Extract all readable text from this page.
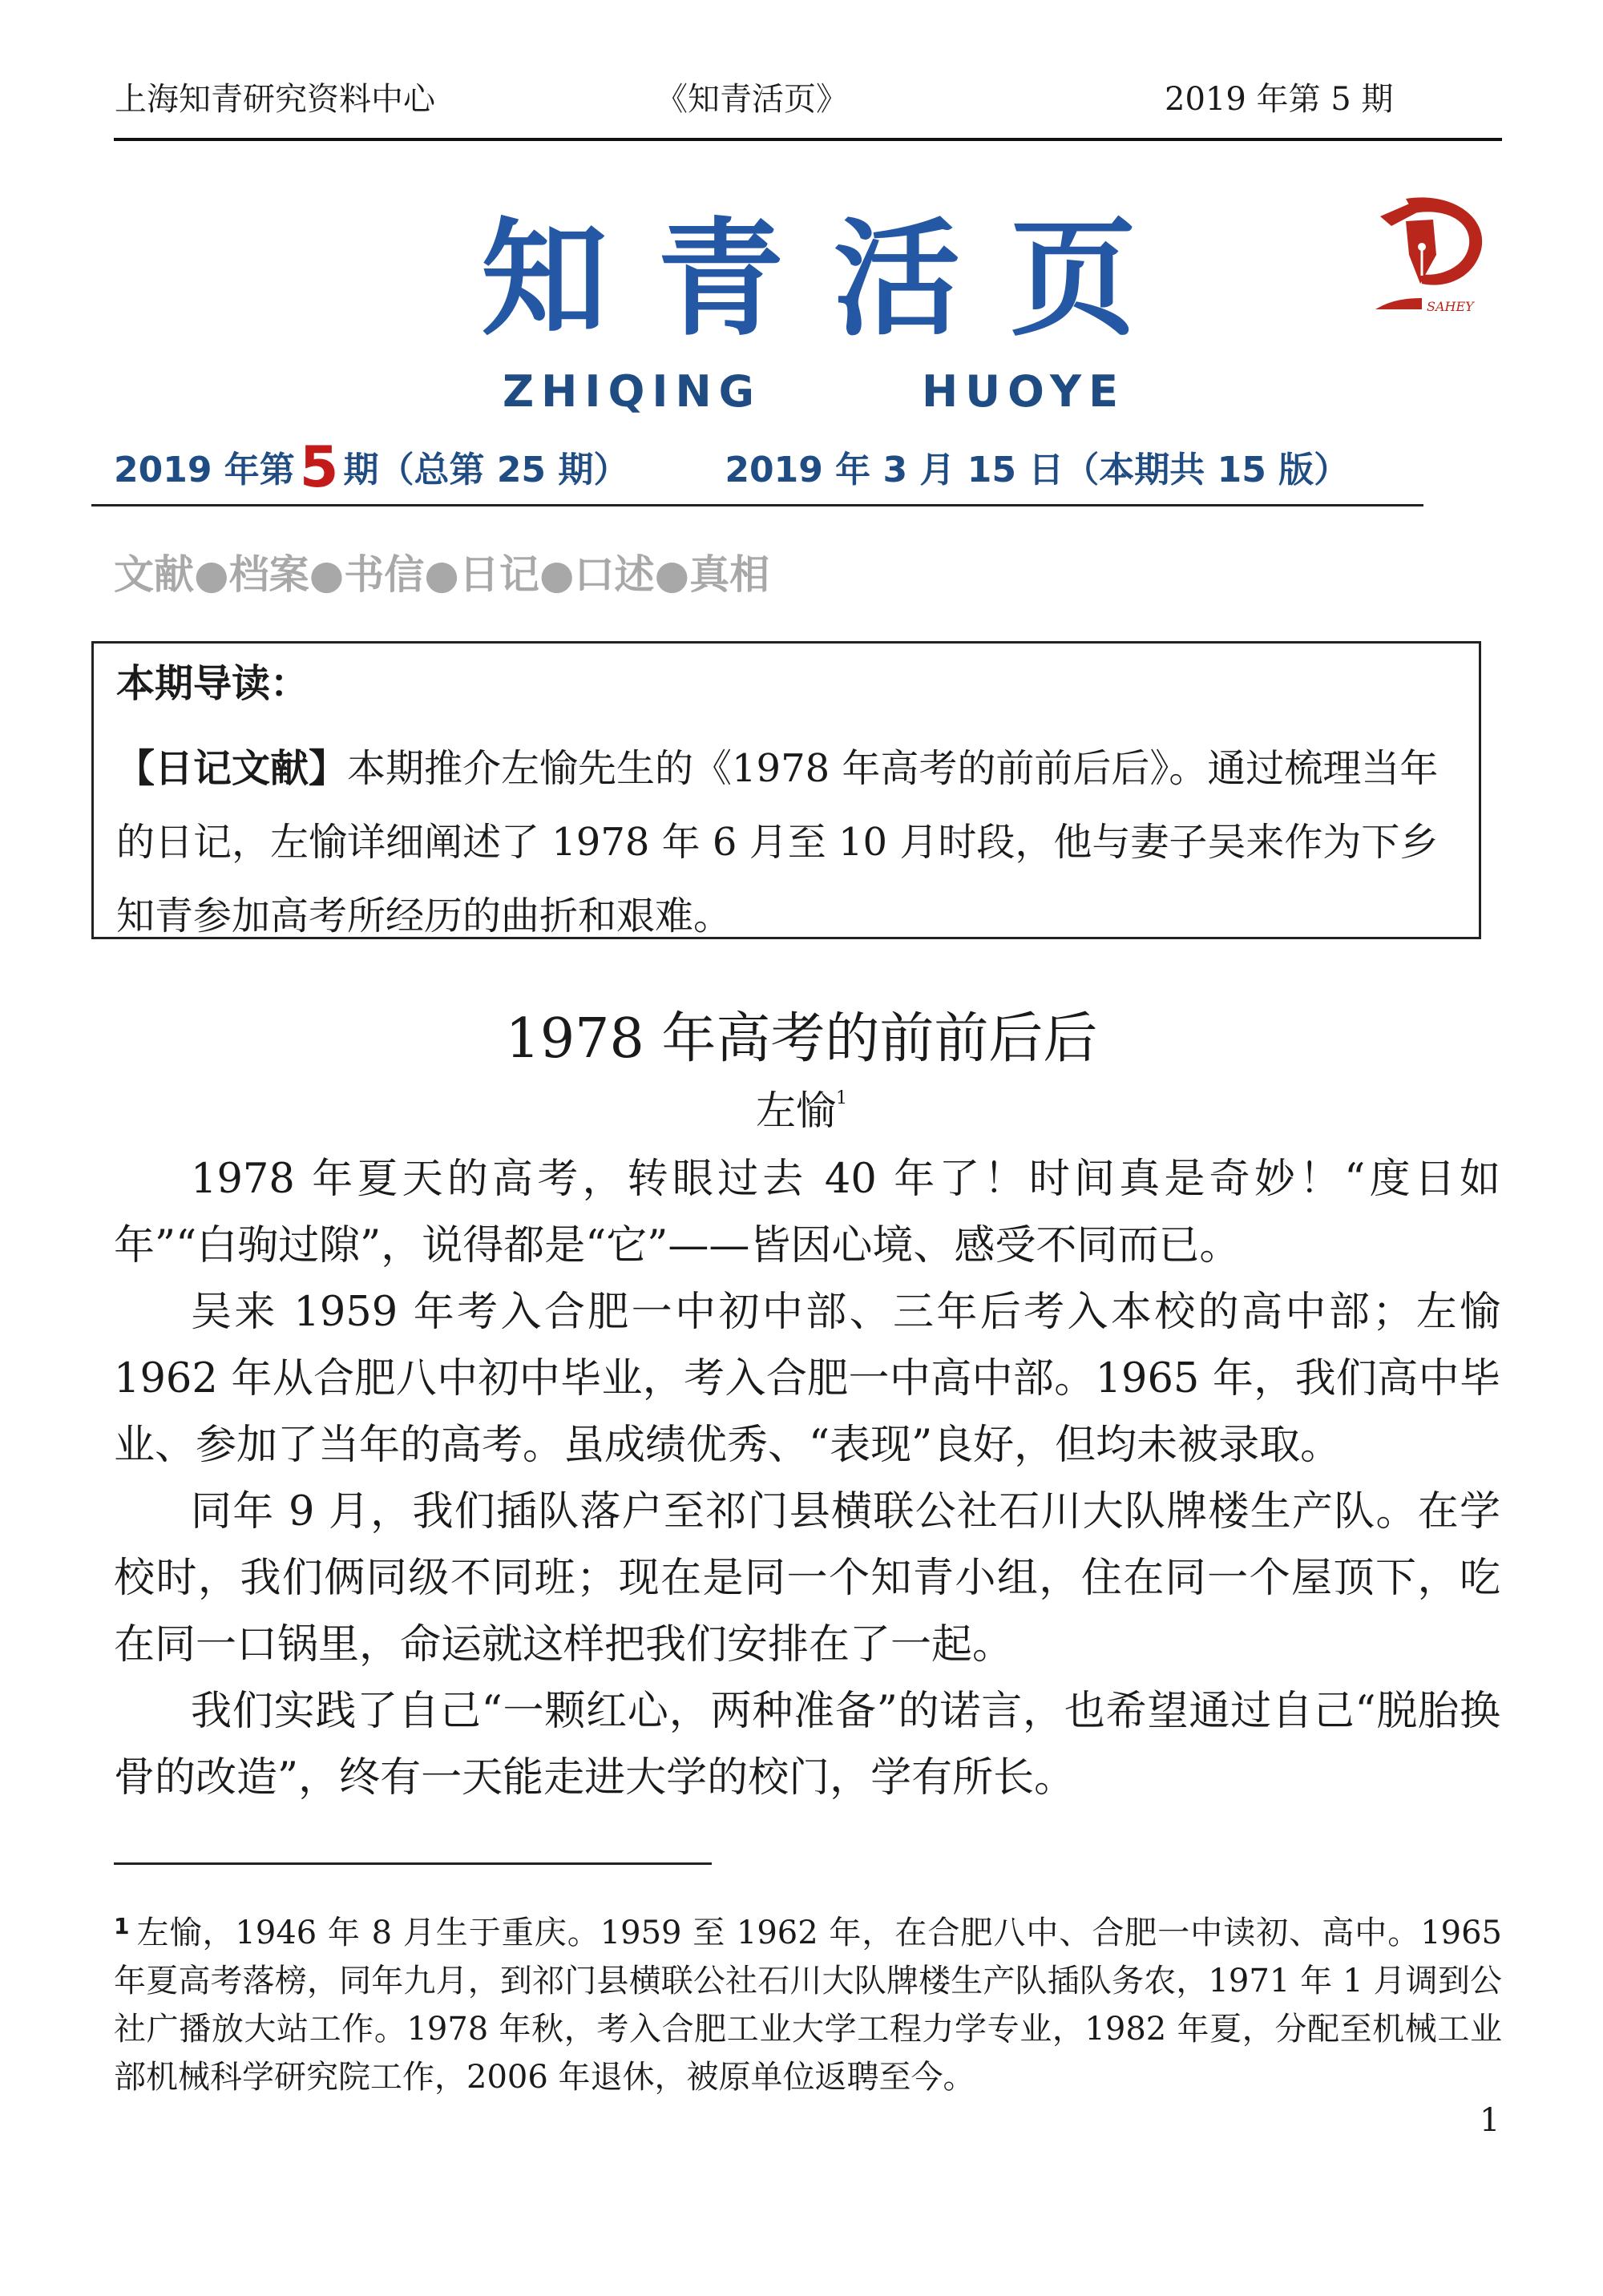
上海知青研究资料中心	《知青活页》	2019 年第 5 期
知青活页
ZHIQING	HUOYE
SAHEY
2019 年第5 期（总第 25 期）	2019 年 3 月 15 日（本期共 15 版）
文献●档案●书信●日记●口述●真相
本期导读：

【日记文献】本期推介左愉先生的《1978 年高考的前前后后》。通过梳理当年的日记，左愉详细阐述了 1978 年 6 月至 10 月时段，他与妻子吴来作为下乡知青参加高考所经历的曲折和艰难。

1978 年高考的前前后后
左愉$^1$

1978 年夏天的高考，转眼过去 40 年了！时间真是奇妙！“度日如年”“白驹过隙”，说得都是“它”——皆因心境、感受不同而已。

吴来 1959 年考入合肥一中初中部、三年后考入本校的高中部；左愉 1962 年从合肥八中初中毕业，考入合肥一中高中部。1965 年，我们高中毕业、参加了当年的高考。虽成绩优秀、“表现”良好，但均未被录取。

同年 9 月，我们插队落户至祁门县横联公社石川大队牌楼生产队。在学校时，我们俩同级不同班；现在是同一个知青小组，住在同一个屋顶下，吃在同一口锅里，命运就这样把我们安排在了一起。

我们实践了自己“一颗红心，两种准备”的诺言，也希望通过自己“脱胎换骨的改造”，终有一天能走进大学的校门，学有所长。

$^1$ 左愉，1946 年 8 月生于重庆。1959 至 1962 年，在合肥八中、合肥一中读初、高中。1965 年夏高考落榜，同年九月，到祁门县横联公社石川大队牌楼生产队插队务农，1971 年 1 月调到公社广播放大站工作。1978 年秋，考入合肥工业大学工程力学专业，1982 年夏，分配至机械工业部机械科学研究院工作，2006 年退休，被原单位返聘至今。

1
